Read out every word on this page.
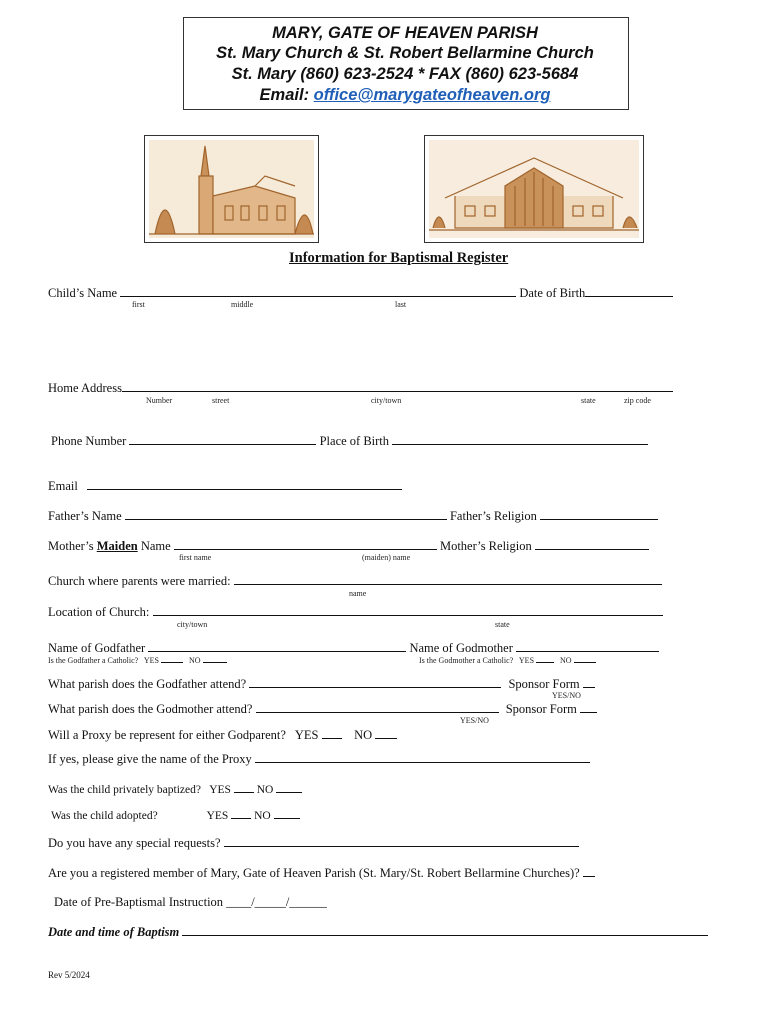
MARY, GATE OF HEAVEN PARISH
St. Mary Church & St. Robert Bellarmine Church
St. Mary (860) 623-2524 * FAX (860) 623-5684
Email: office@marygateofheaven.org
Information for Baptismal Register
Child’s Name	Date of Birth
first	middle	last
Home Address
Number	street	city/town	state	zip code
Phone Number	Place of Birth
Email
Father’s Name	Father’s Religion
Mother’s Maiden Name	Mother’s Religion
first name	(maiden) name
Church where parents were married:
name
Location of Church:
city/town	state
Name of Godfather	Name of Godmother
Is the Godfather a Catholic? YES	NO	Is the Godmother a Catholic? YES	NO
What parish does the Godfather attend?	Sponsor Form
YES/NO
What parish does the Godmother attend?	Sponsor Form
YES/NO
Will a Proxy be represent for either Godparent? YES	NO
If yes, please give the name of the Proxy
Was the child privately baptized? YES NO
Was the child adopted?	YES NO
Do you have any special requests?
Are you a registered member of Mary, Gate of Heaven Parish (St. Mary/St. Robert Bellarmine Churches)?
Date of Pre-Baptismal Instruction ____/_____/______
Date and time of Baptism
Rev 5/2024
